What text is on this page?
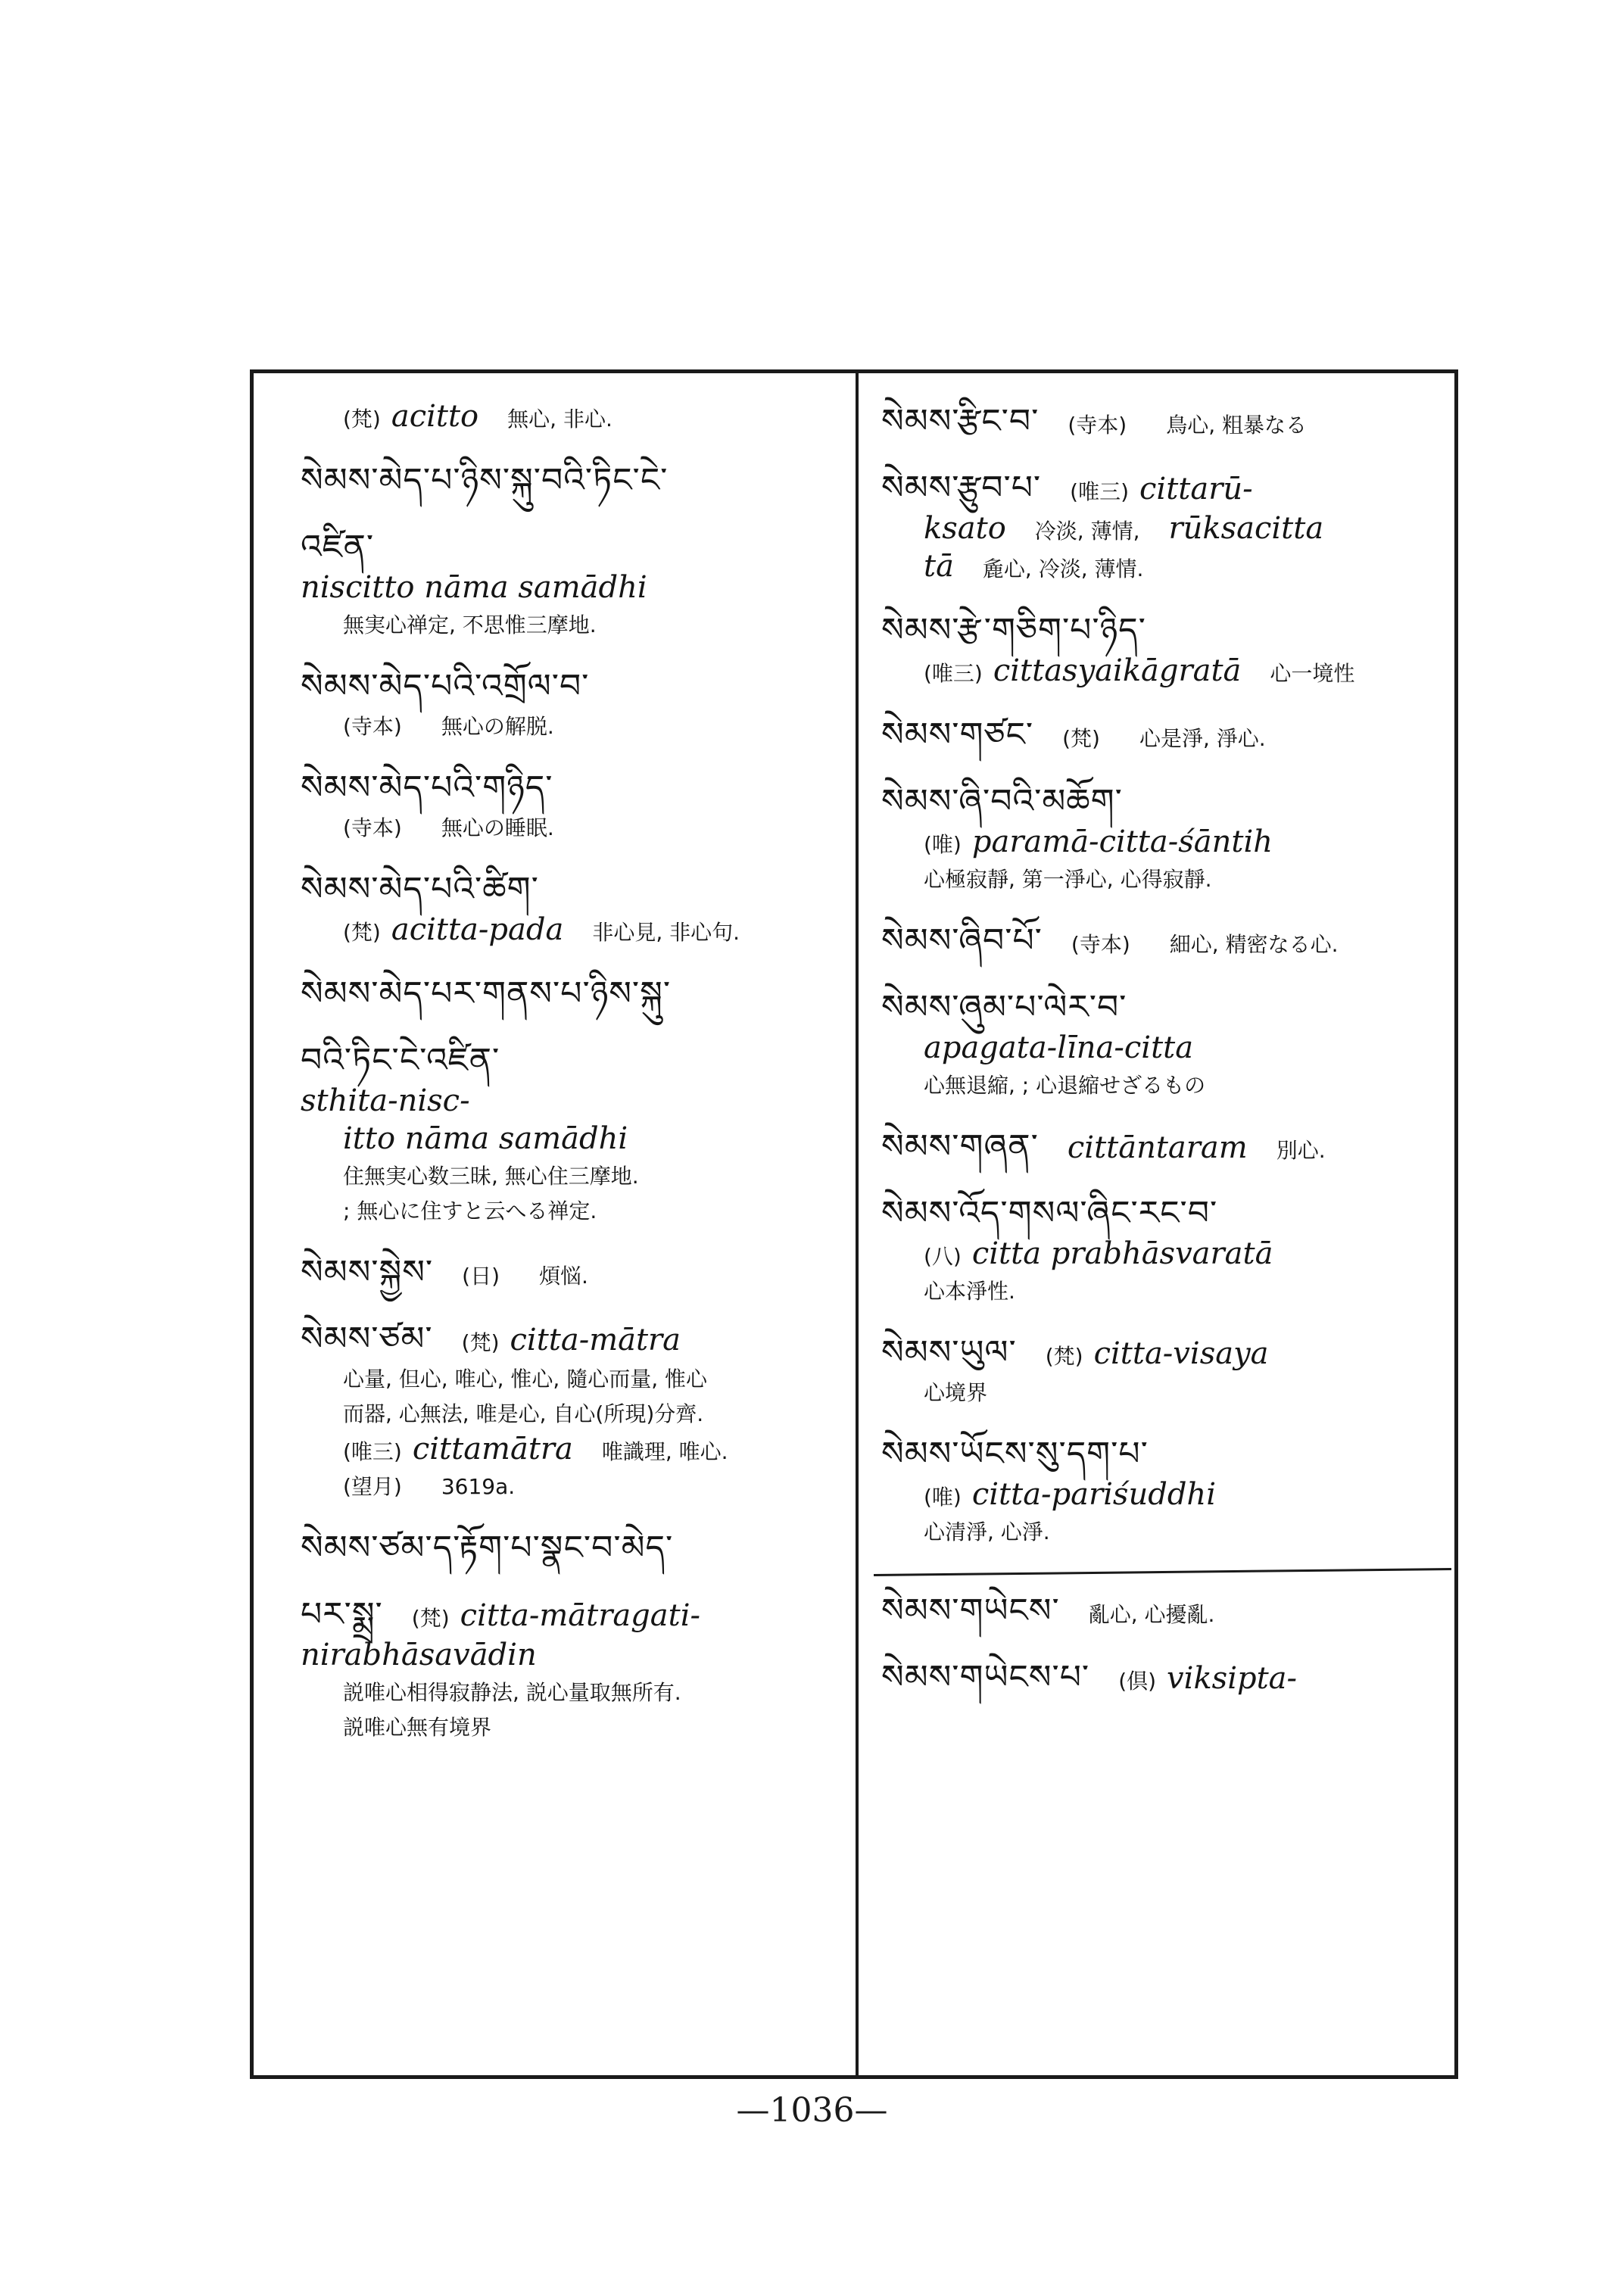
(梵) acitto 無心, 非心.
སེམས་མེད་པ་ཉིས་སྐུ་བའི་ཏིང་ངེ་
འཛིན་
niscitto nāma samādhi
無実心禅定, 不思惟三摩地.
སེམས་མེད་པའི་འགྲོལ་བ་
(寺本) 無心の解脱.
སེམས་མེད་པའི་གཉིད་
(寺本) 無心の睡眠.
སེམས་མེད་པའི་ཚིག་
(梵) acitta-pada 非心見, 非心句.
སེམས་མེད་པར་གནས་པ་ཉིས་སྐུ་
བའི་ཏིང་ངེ་འཛིན་
sthita-nisc-
itto nāma samādhi
住無実心数三昧, 無心住三摩地.
; 無心に住すと云へる禅定.
སེམས་སྐྱེས་ (日) 煩悩.
སེམས་ཙམ་ (梵) citta-mātra
心量, 但心, 唯心, 惟心, 隨心而量, 惟心
而器, 心無法, 唯是心, 自心(所現)分齊.
(唯三) cittamātra 唯識理, 唯心.
(望月) 3619a.
སེམས་ཙམ་ད་རྟོག་པ་སྣང་བ་མེད་
པར་སྨྲ་ (梵) citta-mātragati-
nirabhāsavādin
説唯心相得寂静法, 説心量取無所有.
説唯心無有境界
སེམས་རྩིང་བ་ (寺本) 鳥心, 粗暴なる
སེམས་རྩུབ་པ་ (唯三) cittarū-
ksato 冷淡, 薄情, rūksacitta
tā 麁心, 冷淡, 薄情.
སེམས་རྩེ་གཅིག་པ་ཉིད་
(唯三) cittasyaikāgratā 心一境性
སེམས་གཙང་ (梵) 心是淨, 淨心.
སེམས་ཞི་བའི་མཆོག་
(唯) paramā-citta-śāntih
心極寂靜, 第一淨心, 心得寂靜.
སེམས་ཞིབ་པོ་ (寺本) 細心, 精密なる心.
སེམས་ཞུམ་པ་ལེར་བ་
apagata-līna-citta
心無退縮, ; 心退縮せざるもの
སེམས་གཞན་ cittāntaram 別心.
སེམས་འོད་གསལ་ཞིང་རང་བ་
(八) citta prabhāsvaratā
心本淨性.
སེམས་ཡུལ་ (梵) citta-visaya
心境界
སེམས་ཡོངས་སུ་དག་པ་
(唯) citta-pariśuddhi
心清淨, 心淨.
སེམས་གཡེངས་ 亂心, 心擾亂.
སེམས་གཡེངས་པ་ (倶) viksipta-
—1036—
